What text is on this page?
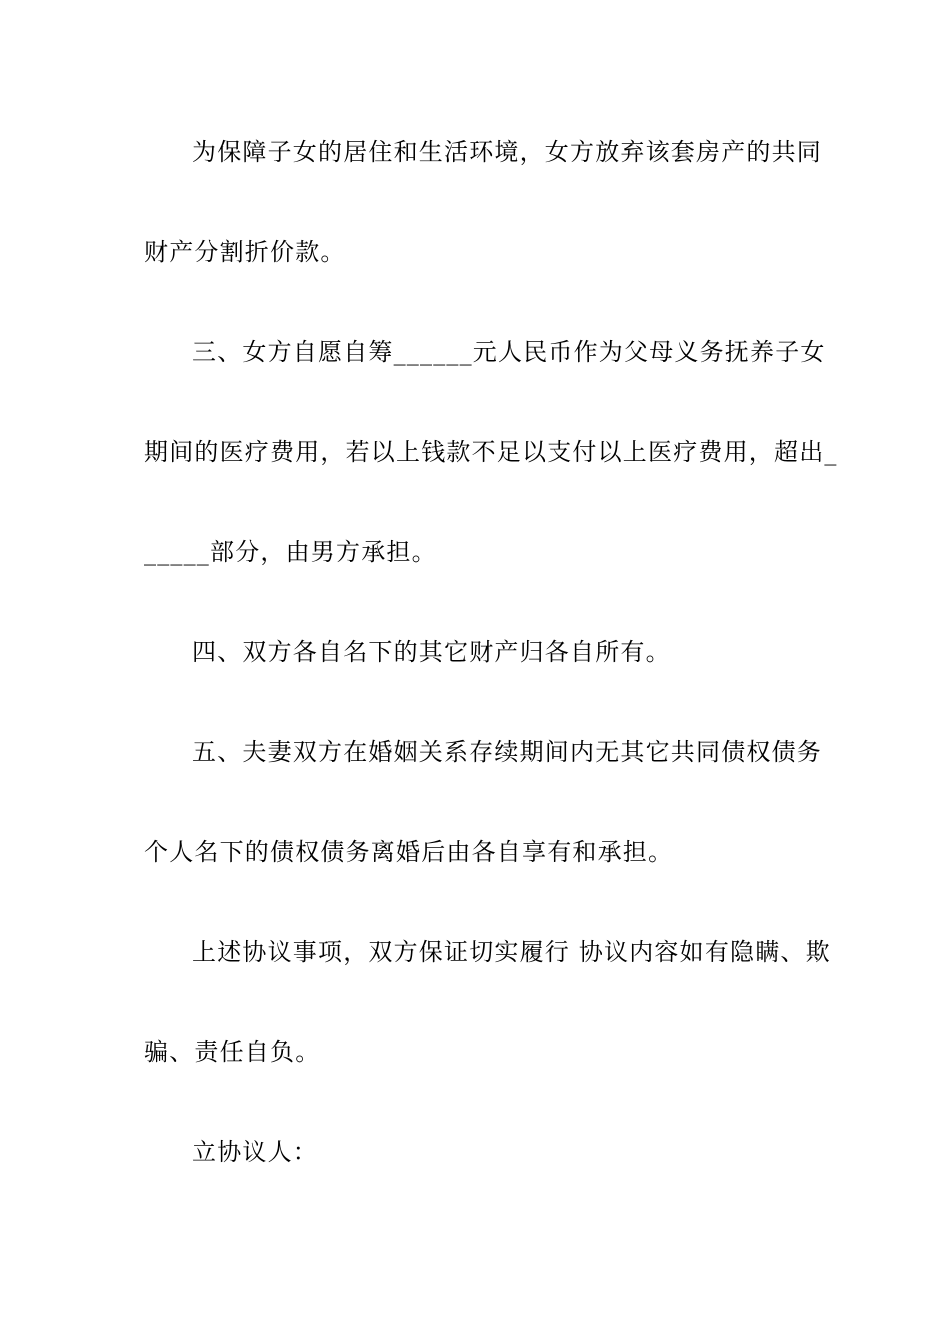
为保障子女的居住和生活环境，女方放弃该套房产的共同
财产分割折价款。
三、女方自愿自筹______元人民币作为父母义务抚养子女
期间的医疗费用，若以上钱款不足以支付以上医疗费用，超出_
_____部分，由男方承担。
四、双方各自名下的其它财产归各自所有。
五、夫妻双方在婚姻关系存续期间内无其它共同债权债务
个人名下的债权债务离婚后由各自享有和承担。
上述协议事项，双方保证切实履行 协议内容如有隐瞒、欺
骗、责任自负。
立协议人：
